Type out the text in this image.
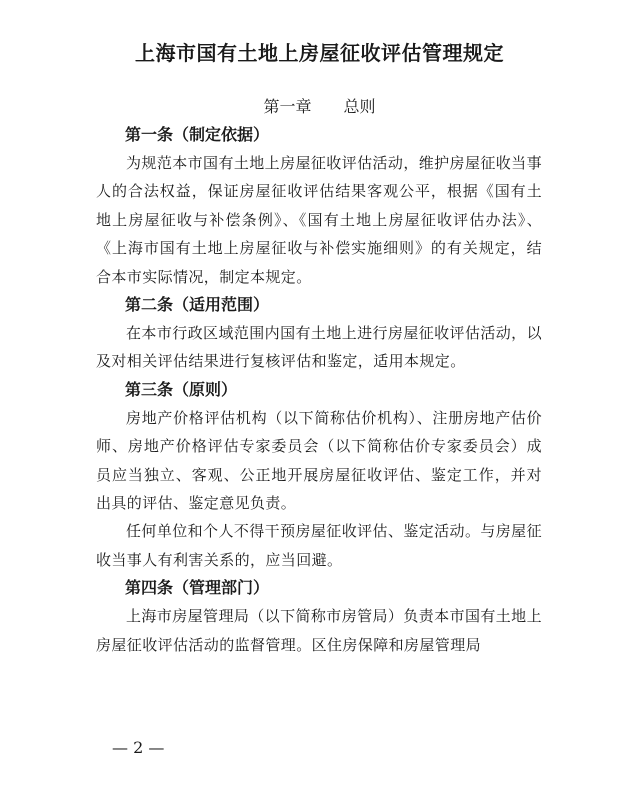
上海市国有土地上房屋征收评估管理规定
第一章 总则
第一条（制定依据）

为规范本市国有土地上房屋征收评估活动，维护房屋征收当事人的合法权益，保证房屋征收评估结果客观公平，根据《国有土地上房屋征收与补偿条例》、《国有土地上房屋征收评估办法》、《上海市国有土地上房屋征收与补偿实施细则》的有关规定，结合本市实际情况，制定本规定。

第二条（适用范围）

在本市行政区域范围内国有土地上进行房屋征收评估活动，以及对相关评估结果进行复核评估和鉴定，适用本规定。

第三条（原则）

房地产价格评估机构（以下简称估价机构）、注册房地产估价师、房地产价格评估专家委员会（以下简称估价专家委员会）成员应当独立、客观、公正地开展房屋征收评估、鉴定工作，并对出具的评估、鉴定意见负责。

任何单位和个人不得干预房屋征收评估、鉴定活动。与房屋征收当事人有利害关系的，应当回避。

第四条（管理部门）

上海市房屋管理局（以下简称市房管局）负责本市国有土地上房屋征收评估活动的监督管理。区住房保障和房屋管理局

— 2 —
